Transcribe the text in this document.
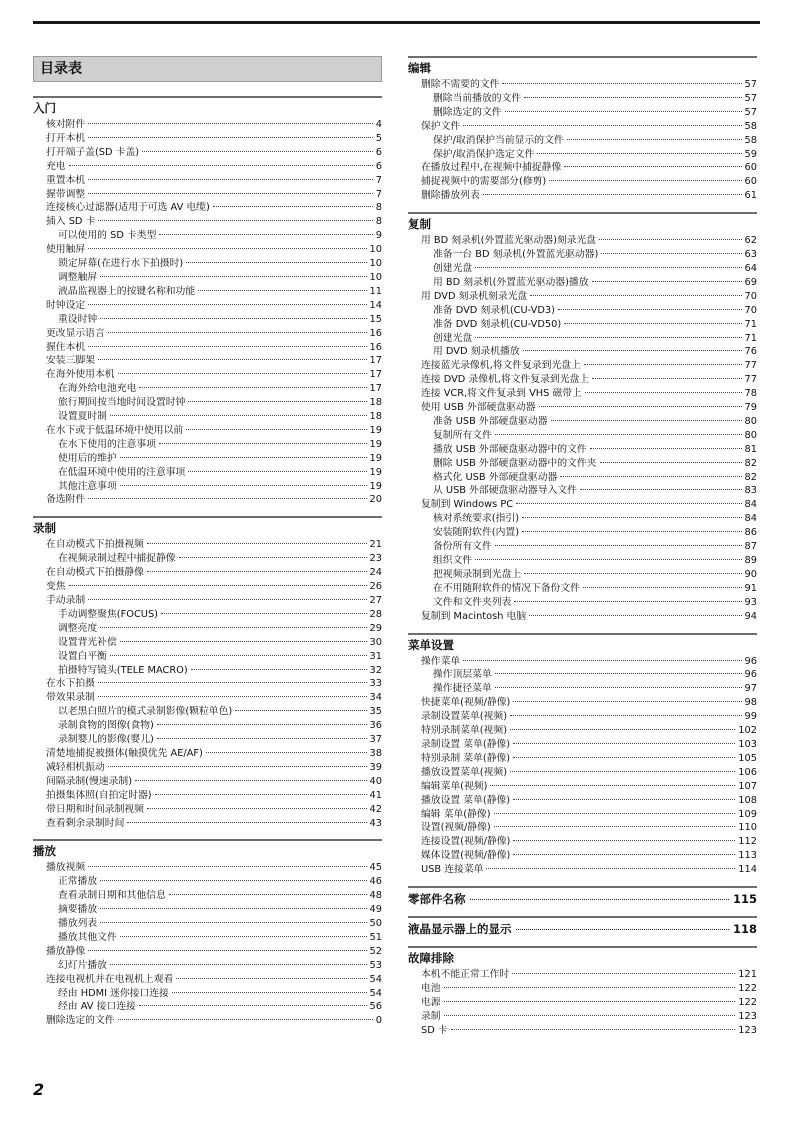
目录表
入门
核对附件	4
打开本机	5
打开端子盖(SD 卡盖)	6
充电	6
重置本机	7
握带调整	7
连接核心过滤器(适用于可选 AV 电缆)	8
插入 SD 卡	8
可以使用的 SD 卡类型	9
使用触屏	10
锁定屏幕(在进行水下拍摄时)	10
调整触屏	10
液晶监视器上的按键名称和功能	11
时钟设定	14
重设时钟	15
更改显示语言	16
握住本机	16
安装三脚架	17
在海外使用本机	17
在海外给电池充电	17
旅行期间按当地时间设置时钟	18
设置夏时制	18
在水下或于低温环境中使用以前	19
在水下使用的注意事项	19
使用后的维护	19
在低温环境中使用的注意事项	19
其他注意事项	19
备选附件	20
录制
在自动模式下拍摄视频	21
在视频录制过程中捕捉静像	23
在自动模式下拍摄静像	24
变焦	26
手动录制	27
手动调整聚焦(FOCUS)	28
调整亮度	29
设置背光补偿	30
设置白平衡	31
拍摄特写镜头(TELE MACRO)	32
在水下拍摄	33
带效果录制	34
以老黑白照片的模式录制影像(颗粒单色)	35
录制食物的图像(食物)	36
录制婴儿的影像(婴儿)	37
清楚地捕捉被摄体(触摸优先 AE/AF)	38
减轻相机振动	39
间隔录制(慢速录制)	40
拍摄集体照(自拍定时器)	41
带日期和时间录制视频	42
查看剩余录制时间	43
播放
播放视频	45
正常播放	46
查看录制日期和其他信息	48
摘要播放	49
播放列表	50
播放其他文件	51
播放静像	52
幻灯片播放	53
连接电视机并在电视机上观看	54
经由 HDMI 迷你接口连接	54
经由 AV 接口连接	56
删除选定的文件	0
编辑
删除不需要的文件	57
删除当前播放的文件	57
删除选定的文件	57
保护文件	58
保护/取消保护当前显示的文件	58
保护/取消保护选定文件	59
在播放过程中,在视频中捕捉静像	60
捕捉视频中的需要部分(修剪)	60
删除播放列表	61
复制
用 BD 刻录机(外置蓝光驱动器)刻录光盘	62
准备一台 BD 刻录机(外置蓝光驱动器)	63
创建光盘	64
用 BD 刻录机(外置蓝光驱动器)播放	69
用 DVD 刻录机刻录光盘	70
准备 DVD 刻录机(CU-VD3)	70
准备 DVD 刻录机(CU-VD50)	71
创建光盘	71
用 DVD 刻录机播放	76
连接蓝光录像机,将文件复录到光盘上	77
连接 DVD 录像机,将文件复录到光盘上	77
连接 VCR,将文件复录到 VHS 磁带上	78
使用 USB 外部硬盘驱动器	79
准备 USB 外部硬盘驱动器	80
复制所有文件	80
播放 USB 外部硬盘驱动器中的文件	81
删除 USB 外部硬盘驱动器中的文件夹	82
格式化 USB 外部硬盘驱动器	82
从 USB 外部硬盘驱动器导入文件	83
复制到 Windows PC	84
核对系统要求(指引)	84
安装随附软件(内置)	86
备份所有文件	87
组织文件	89
把视频录制到光盘上	90
在不用随附软件的情况下备份文件	91
文件和文件夹列表	93
复制到 Macintosh 电脑	94
菜单设置
操作菜单	96
操作顶层菜单	96
操作捷径菜单	97
快捷菜单(视频/静像)	98
录制设置菜单(视频)	99
特别录制菜单(视频)	102
录制设置 菜单(静像)	103
特别录制 菜单(静像)	105
播放设置菜单(视频)	106
编辑菜单(视频)	107
播放设置 菜单(静像)	108
编辑 菜单(静像)	109
设置(视频/静像)	110
连接设置(视频/静像)	112
媒体设置(视频/静像)	113
USB 连接菜单	114
零部件名称	115
液晶显示器上的显示	118
故障排除
本机不能正常工作时	121
电池	122
电源	122
录制	123
SD 卡	123
2
